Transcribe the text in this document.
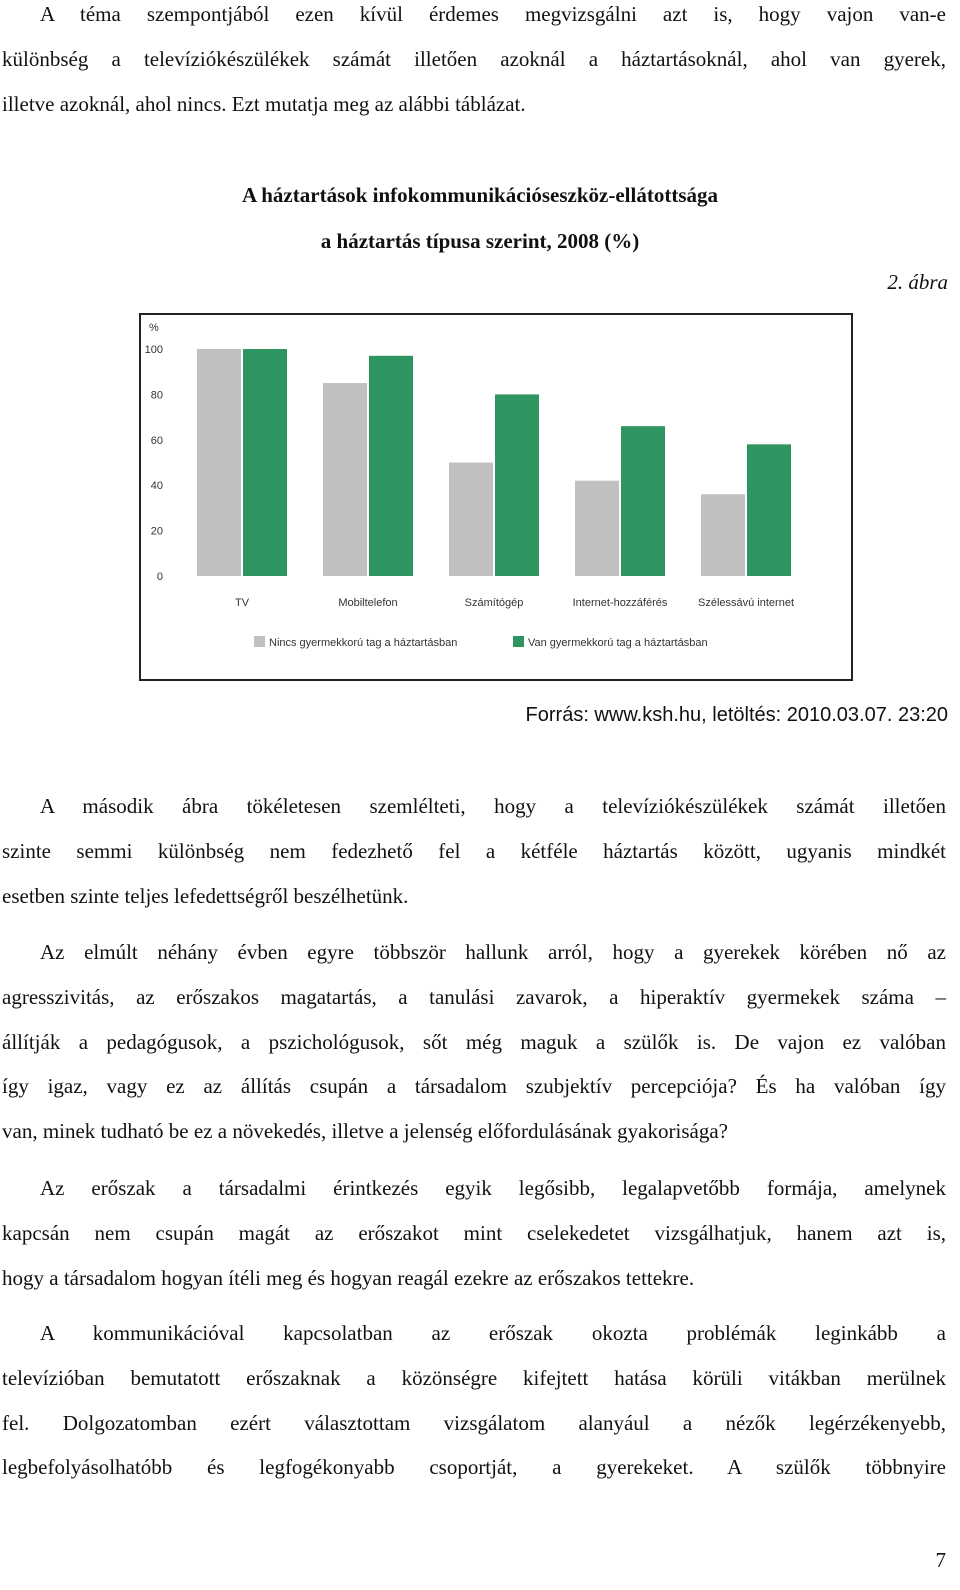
A téma szempontjából ezen kívül érdemes megvizsgálni azt is, hogy vajon van-e
különbség a televíziókészülékek számát illetően azoknál a háztartásoknál, ahol van gyerek,
illetve azoknál, ahol nincs. Ezt mutatja meg az alábbi táblázat.
A háztartások infokommunikációseszköz-ellátottsága
a háztartás típusa szerint, 2008 (%)
2. ábra
%
0
20
40
60
80
100
TV	Mobiltelefon	Számítógép	Internet-hozzáférés	Szélessávú internet
Nincs gyermekkorú tag a háztartásban	Van gyermekkorú tag a háztartásban
Forrás: www.ksh.hu, letöltés: 2010.03.07. 23:20
A második ábra tökéletesen szemlélteti, hogy a televíziókészülékek számát illetően
szinte semmi különbség nem fedezhető fel a kétféle háztartás között, ugyanis mindkét
esetben szinte teljes lefedettségről beszélhetünk.
Az elmúlt néhány évben egyre többször hallunk arról, hogy a gyerekek körében nő az
agresszivitás, az erőszakos magatartás, a tanulási zavarok, a hiperaktív gyermekek száma –
állítják a pedagógusok, a pszichológusok, sőt még maguk a szülők is. De vajon ez valóban
így igaz, vagy ez az állítás csupán a társadalom szubjektív percepciója? És ha valóban így
van, minek tudható be ez a növekedés, illetve a jelenség előfordulásának gyakorisága?
Az erőszak a társadalmi érintkezés egyik legősibb, legalapvetőbb formája, amelynek
kapcsán nem csupán magát az erőszakot mint cselekedetet vizsgálhatjuk, hanem azt is,
hogy a társadalom hogyan ítéli meg és hogyan reagál ezekre az erőszakos tettekre.
A kommunikációval kapcsolatban az erőszak okozta problémák leginkább a
televízióban bemutatott erőszaknak a közönségre kifejtett hatása körüli vitákban merülnek
fel. Dolgozatomban ezért választottam vizsgálatom alanyául a nézők legérzékenyebb,
legbefolyásolhatóbb és legfogékonyabb csoportját, a gyerekeket. A szülők többnyire
7
